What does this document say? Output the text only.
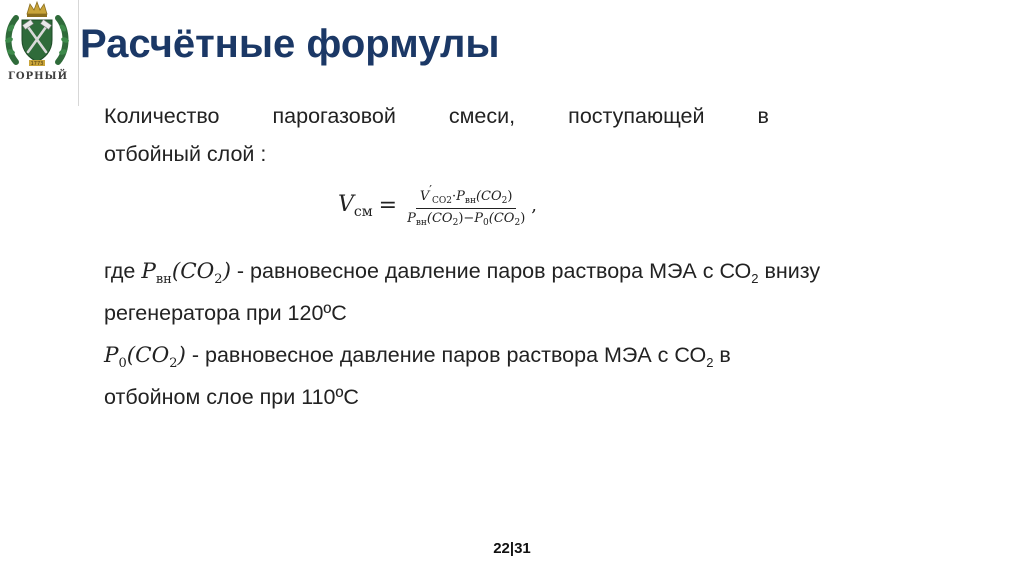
1773
ГОРНЫЙ
Расчётные формулы
Количество парогазовой смеси, поступающей в
отбойный слой :
$V_{см} = \frac{V'_{CO2}\cdot P_{вн}(CO_2)}{P_{вн}(CO_2)-P_0(CO_2)}$ ,
где $P_{вн}(CO_2)$ - равновесное давление паров раствора МЭА с $СО_2$ внизу
регенератора при 120ºС
$P_0(CO_2)$ - равновесное давление паров раствора МЭА с $СО_2$ в
отбойном слое при 110ºС
22|31
